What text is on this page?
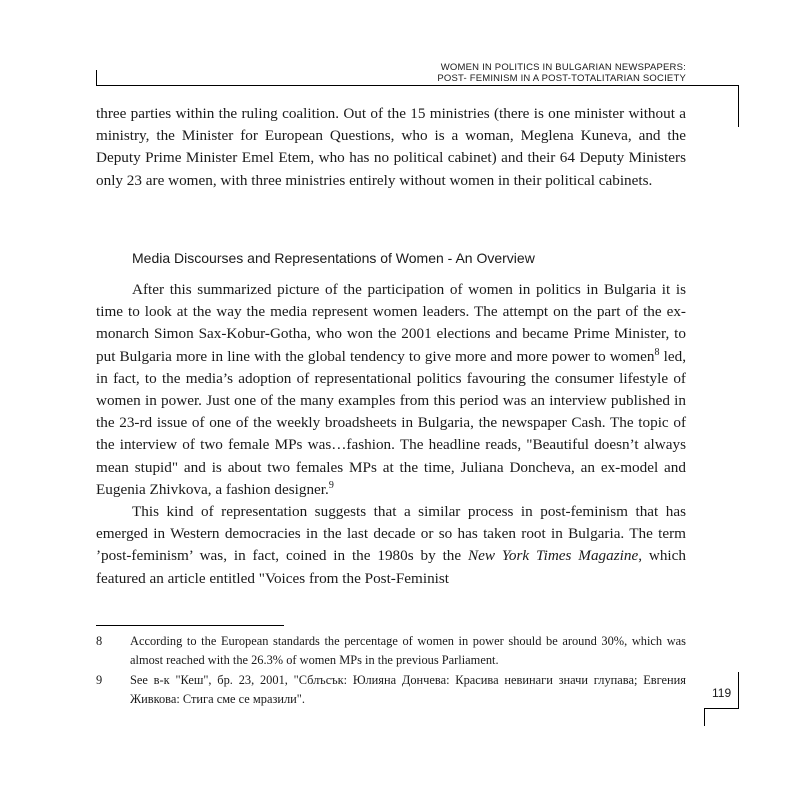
WOMEN IN POLITICS IN BULGARIAN NEWSPAPERS:
POST- FEMINISM IN A POST-TOTALITARIAN SOCIETY

three parties within the ruling coalition. Out of the 15 ministries (there is one minister without a ministry, the Minister for European Questions, who is a woman, Meglena Kuneva, and the Deputy Prime Minister Emel Etem, who has no political cabinet) and their 64 Deputy Ministers only 23 are women, with three ministries entirely without women in their political cabinets.

Media Discourses and Representations of Women - An Overview

After this summarized picture of the participation of women in politics in Bulgaria it is time to look at the way the media represent women leaders. The attempt on the part of the ex-monarch Simon Sax-Kobur-Gotha, who won the 2001 elections and became Prime Minister, to put Bulgaria more in line with the global tendency to give more and more power to women$^8$ led, in fact, to the media’s adoption of representational politics favouring the consumer lifestyle of women in power. Just one of the many examples from this period was an interview published in the 23-rd issue of one of the weekly broadsheets in Bulgaria, the newspaper Cash. The topic of the interview of two female MPs was…fashion. The headline reads, "Beautiful doesn’t always mean stupid" and is about two females MPs at the time, Juliana Doncheva, an ex-model and Eugenia Zhivkova, a fashion designer.$^9$

This kind of representation suggests that a similar process in post-feminism that has emerged in Western democracies in the last decade or so has taken root in Bulgaria. The term ’post-feminism’ was, in fact, coined in the 1980s by the New York Times Magazine, which featured an article entitled "Voices from the Post-Feminist

8	According to the European standards the percentage of women in power should be around 30%, which was almost reached with the 26.3% of women MPs in the previous Parliament.
9	See в-к "Кеш", бр. 23, 2001, "Сблъсък: Юлияна Дончева: Красива невинаги значи глупава; Евгения Живкова: Стига сме се мразили".	119
